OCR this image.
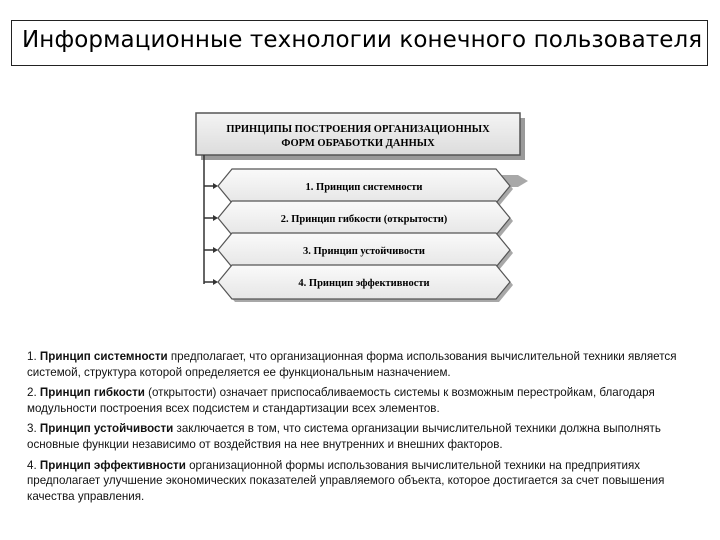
Информационные технологии конечного пользователя
ПРИНЦИПЫ ПОСТРОЕНИЯ ОРГАНИЗАЦИОННЫХ
ФОРМ ОБРАБОТКИ ДАННЫХ
1. Принцип системности
2. Принцип гибкости (открытости)
3. Принцип устойчивости
4. Принцип эффективности

1. Принцип системности предполагает, что организационная форма использования вычислительной техники является системой, структура которой определяется ее функциональным назначением.

2. Принцип гибкости (открытости) означает приспосабливаемость системы к возможным перестройкам, благодаря модульности построения всех подсистем и стандартизации всех элементов.

3. Принцип устойчивости заключается в том, что система организации вычислительной техники должна выполнять основные функции независимо от воздействия на нее внутренних и внешних факторов.

4. Принцип эффективности организационной формы использования вычислительной техники на предприятиях предполагает улучшение экономических показателей управляемого объекта, которое достигается за счет повышения качества управления.
